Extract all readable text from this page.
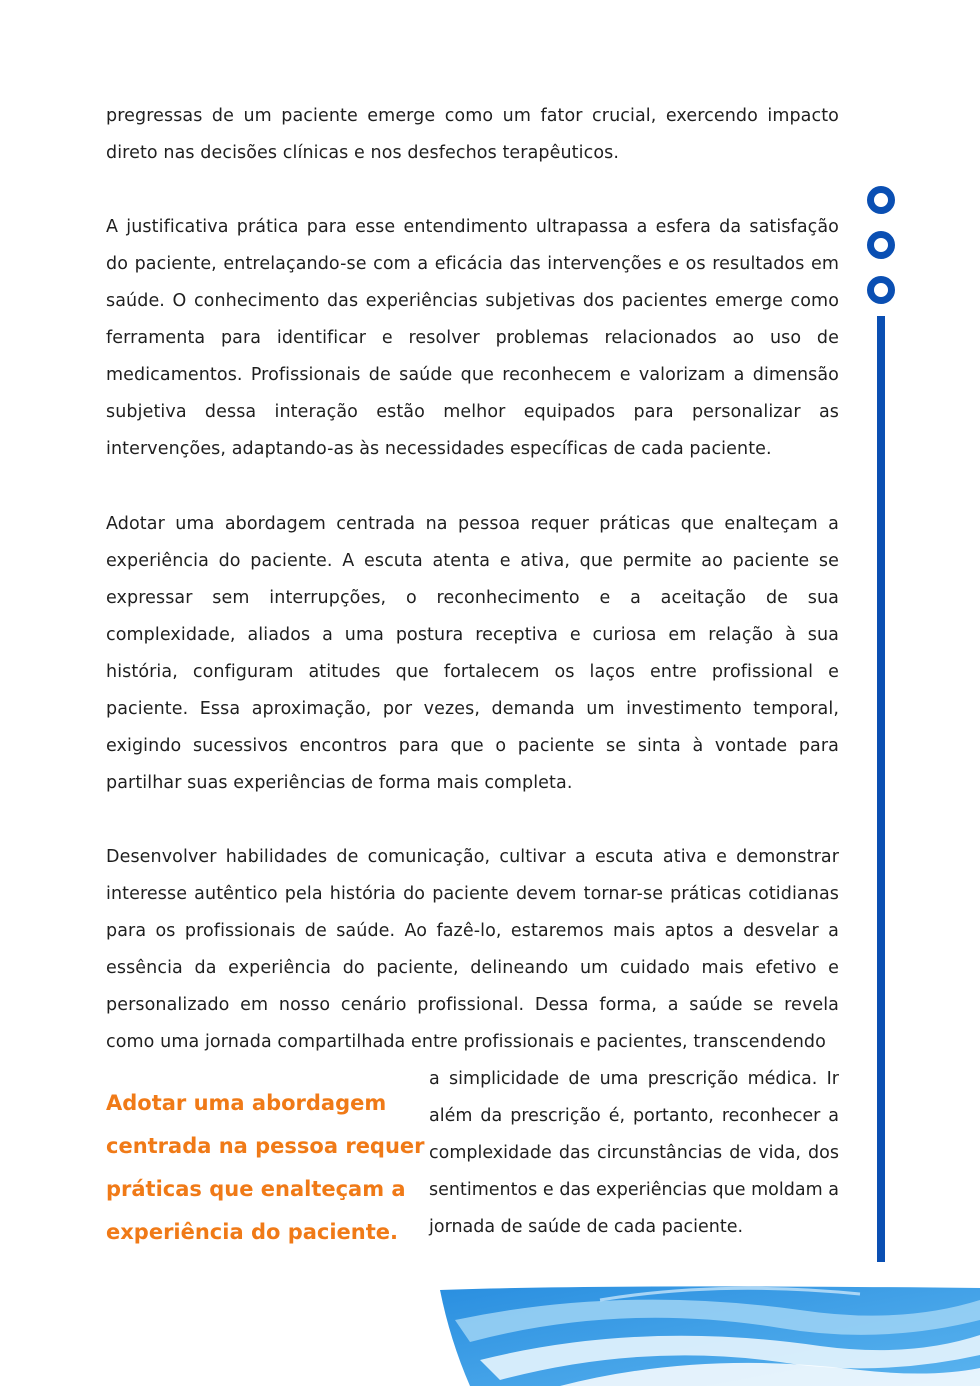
pregressas de um paciente emerge como um fator crucial, exercendo impacto direto nas decisões clínicas e nos desfechos terapêuticos.

A justificativa prática para esse entendimento ultrapassa a esfera da satisfação do paciente, entrelaçando-se com a eficácia das intervenções e os resultados em saúde. O conhecimento das experiências subjetivas dos pacientes emerge como ferramenta para identificar e resolver problemas relacionados ao uso de medicamentos. Profissionais de saúde que reconhecem e valorizam a dimensão subjetiva dessa interação estão melhor equipados para personalizar as intervenções, adaptando-as às necessidades específicas de cada paciente.

Adotar uma abordagem centrada na pessoa requer práticas que enalteçam a experiência do paciente. A escuta atenta e ativa, que permite ao paciente se expressar sem interrupções, o reconhecimento e a aceitação de sua complexidade, aliados a uma postura receptiva e curiosa em relação à sua história, configuram atitudes que fortalecem os laços entre profissional e paciente. Essa aproximação, por vezes, demanda um investimento temporal, exigindo sucessivos encontros para que o paciente se sinta à vontade para partilhar suas experiências de forma mais completa.

Desenvolver habilidades de comunicação, cultivar a escuta ativa e demonstrar interesse autêntico pela história do paciente devem tornar-se práticas cotidianas para os profissionais de saúde. Ao fazê-lo, estaremos mais aptos a desvelar a essência da experiência do paciente, delineando um cuidado mais efetivo e personalizado em nosso cenário profissional. Dessa forma, a saúde se revela como uma jornada compartilhada entre profissionais e pacientes, transcendendo

Adotar uma abordagem centrada na pessoa requer práticas que enalteçam a experiência do paciente.

a simplicidade de uma prescrição médica. Ir além da prescrição é, portanto, reconhecer a complexidade das circunstâncias de vida, dos sentimentos e das experiências que moldam a jornada de saúde de cada paciente.
